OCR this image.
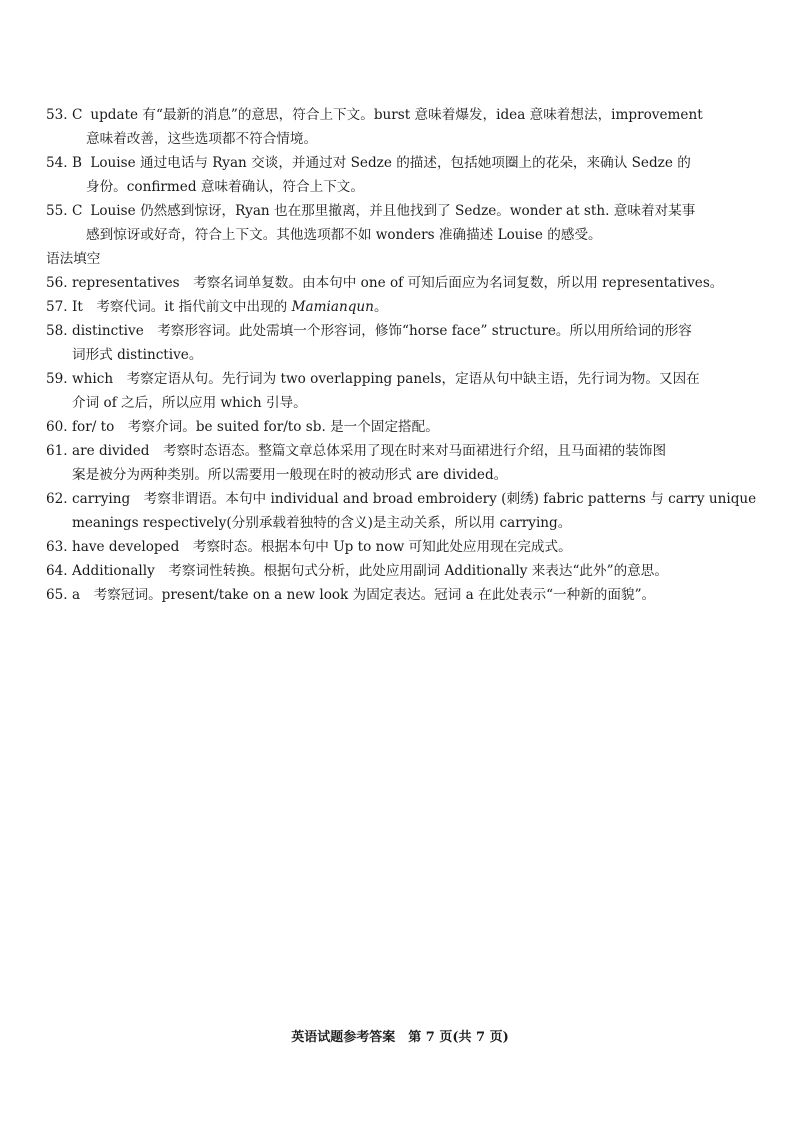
53. C update 有“最新的消息”的意思，符合上下文。burst 意味着爆发，idea 意味着想法，improvement
意味着改善，这些选项都不符合情境。
54. B Louise 通过电话与 Ryan 交谈，并通过对 Sedze 的描述，包括她项圈上的花朵，来确认 Sedze 的
身份。confirmed 意味着确认，符合上下文。
55. C Louise 仍然感到惊讶，Ryan 也在那里撤离，并且他找到了 Sedze。wonder at sth. 意味着对某事
感到惊讶或好奇，符合上下文。其他选项都不如 wonders 准确描述 Louise 的感受。
语法填空
56. representatives　考察名词单复数。由本句中 one of 可知后面应为名词复数，所以用 representatives。
57. It　考察代词。it 指代前文中出现的 Mamianqun。
58. distinctive　考察形容词。此处需填一个形容词，修饰“horse face” structure。所以用所给词的形容
词形式 distinctive。
59. which　考察定语从句。先行词为 two overlapping panels，定语从句中缺主语，先行词为物。又因在
介词 of 之后，所以应用 which 引导。
60. for/ to　考察介词。be suited for/to sb. 是一个固定搭配。
61. are divided　考察时态语态。整篇文章总体采用了现在时来对马面裙进行介绍，且马面裙的装饰图
案是被分为两种类别。所以需要用一般现在时的被动形式 are divided。
62. carrying　考察非谓语。本句中 individual and broad embroidery (刺绣) fabric patterns 与 carry unique
meanings respectively(分别承载着独特的含义)是主动关系，所以用 carrying。
63. have developed　考察时态。根据本句中 Up to now 可知此处应用现在完成式。
64. Additionally　考察词性转换。根据句式分析，此处应用副词 Additionally 来表达“此外”的意思。
65. a　考察冠词。present/take on a new look 为固定表达。冠词 a 在此处表示“一种新的面貌”。
英语试题参考答案　第 7 页(共 7 页)
